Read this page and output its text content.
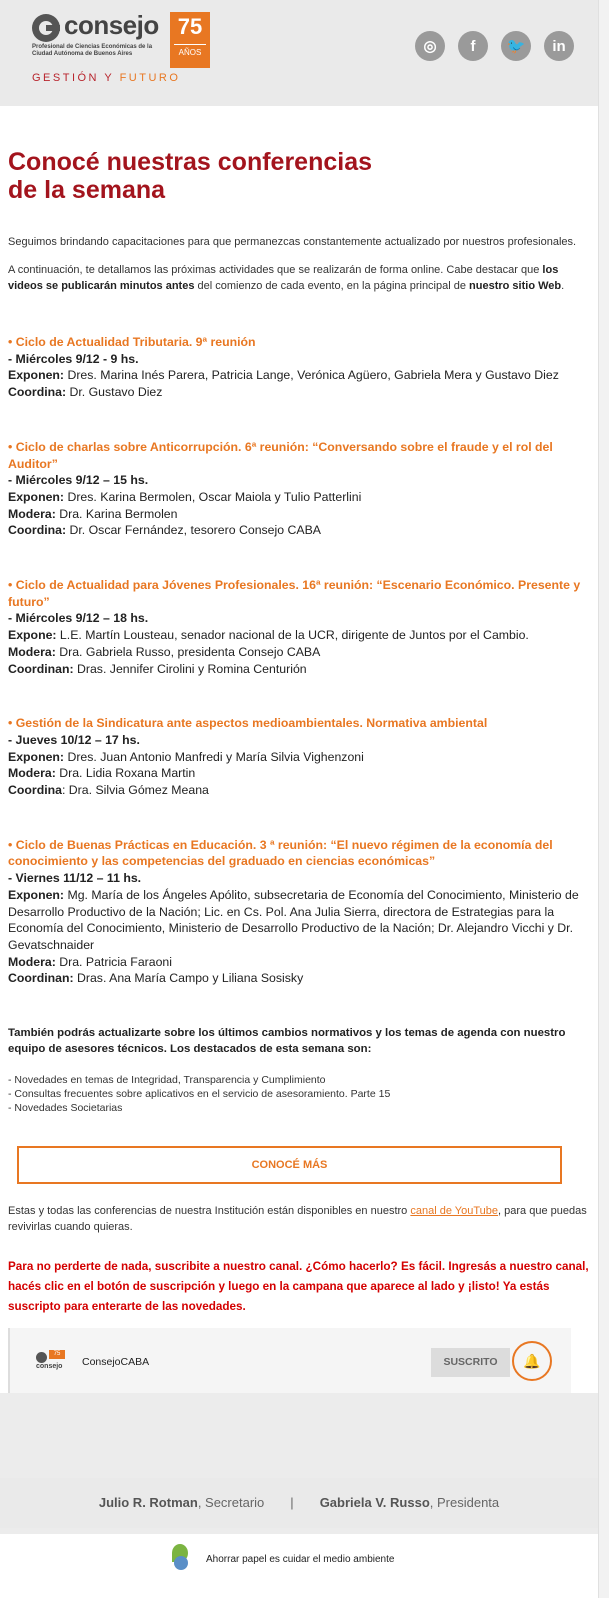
consejo
Profesional de Ciencias Económicas de la Ciudad Autónoma de Buenos Aires
75
AÑOS
GESTIÓN Y FUTURO
◎	f	🐦	in
Conocé nuestras conferencias
de la semana

Seguimos brindando capacitaciones para que permanezcas constantemente actualizado por nuestros profesionales.

A continuación, te detallamos las próximas actividades que se realizarán de forma online. Cabe destacar que los videos se publicarán minutos antes del comienzo de cada evento, en la página principal de nuestro sitio Web.

• Ciclo de Actualidad Tributaria. 9ª reunión
- Miércoles 9/12 - 9 hs.
Exponen: Dres. Marina Inés Parera, Patricia Lange, Verónica Agüero, Gabriela Mera y Gustavo Diez
Coordina: Dr. Gustavo Diez
• Ciclo de charlas sobre Anticorrupción. 6ª reunión: “Conversando sobre el fraude y el rol del Auditor”
- Miércoles 9/12 – 15 hs.
Exponen: Dres. Karina Bermolen, Oscar Maiola y Tulio Patterlini
Modera: Dra. Karina Bermolen
Coordina: Dr. Oscar Fernández, tesorero Consejo CABA
• Ciclo de Actualidad para Jóvenes Profesionales. 16ª reunión: “Escenario Económico. Presente y futuro”
- Miércoles 9/12 – 18 hs.
Expone: L.E. Martín Lousteau, senador nacional de la UCR, dirigente de Juntos por el Cambio.
Modera: Dra. Gabriela Russo, presidenta Consejo CABA
Coordinan: Dras. Jennifer Cirolini y Romina Centurión
• Gestión de la Sindicatura ante aspectos medioambientales. Normativa ambiental
- Jueves 10/12 – 17 hs.
Exponen: Dres. Juan Antonio Manfredi y María Silvia Vighenzoni
Modera: Dra. Lidia Roxana Martin
Coordina: Dra. Silvia Gómez Meana
• Ciclo de Buenas Prácticas en Educación. 3 ª reunión: “El nuevo régimen de la economía del conocimiento y las competencias del graduado en ciencias económicas”
- Viernes 11/12 – 11 hs.
Exponen: Mg. María de los Ángeles Apólito, subsecretaria de Economía del Conocimiento, Ministerio de Desarrollo Productivo de la Nación; Lic. en Cs. Pol. Ana Julia Sierra, directora de Estrategias para la Economía del Conocimiento, Ministerio de Desarrollo Productivo de la Nación; Dr. Alejandro Vicchi y Dr. Gevatschnaider
Modera: Dra. Patricia Faraoni
Coordinan: Dras. Ana María Campo y Liliana Sosisky

También podrás actualizarte sobre los últimos cambios normativos y los temas de agenda con nuestro equipo de asesores técnicos. Los destacados de esta semana son:

- Novedades en temas de Integridad, Transparencia y Cumplimiento
- Consultas frecuentes sobre aplicativos en el servicio de asesoramiento. Parte 15
- Novedades Societarias
CONOCÉ MÁS

Estas y todas las conferencias de nuestra Institución están disponibles en nuestro canal de YouTube, para que puedas revivirlas cuando quieras.

Para no perderte de nada, suscribite a nuestro canal. ¿Cómo hacerlo? Es fácil. Ingresás a nuestro canal, hacés clic en el botón de suscripción y luego en la campana que aparece al lado y ¡listo! Ya estás suscripto para enterarte de las novedades.

75
consejo ConsejoCABA	SUSCRITO	🔔
Julio R. Rotman, Secretario | Gabriela V. Russo, Presidenta
Ahorrar papel es cuidar el medio ambiente
